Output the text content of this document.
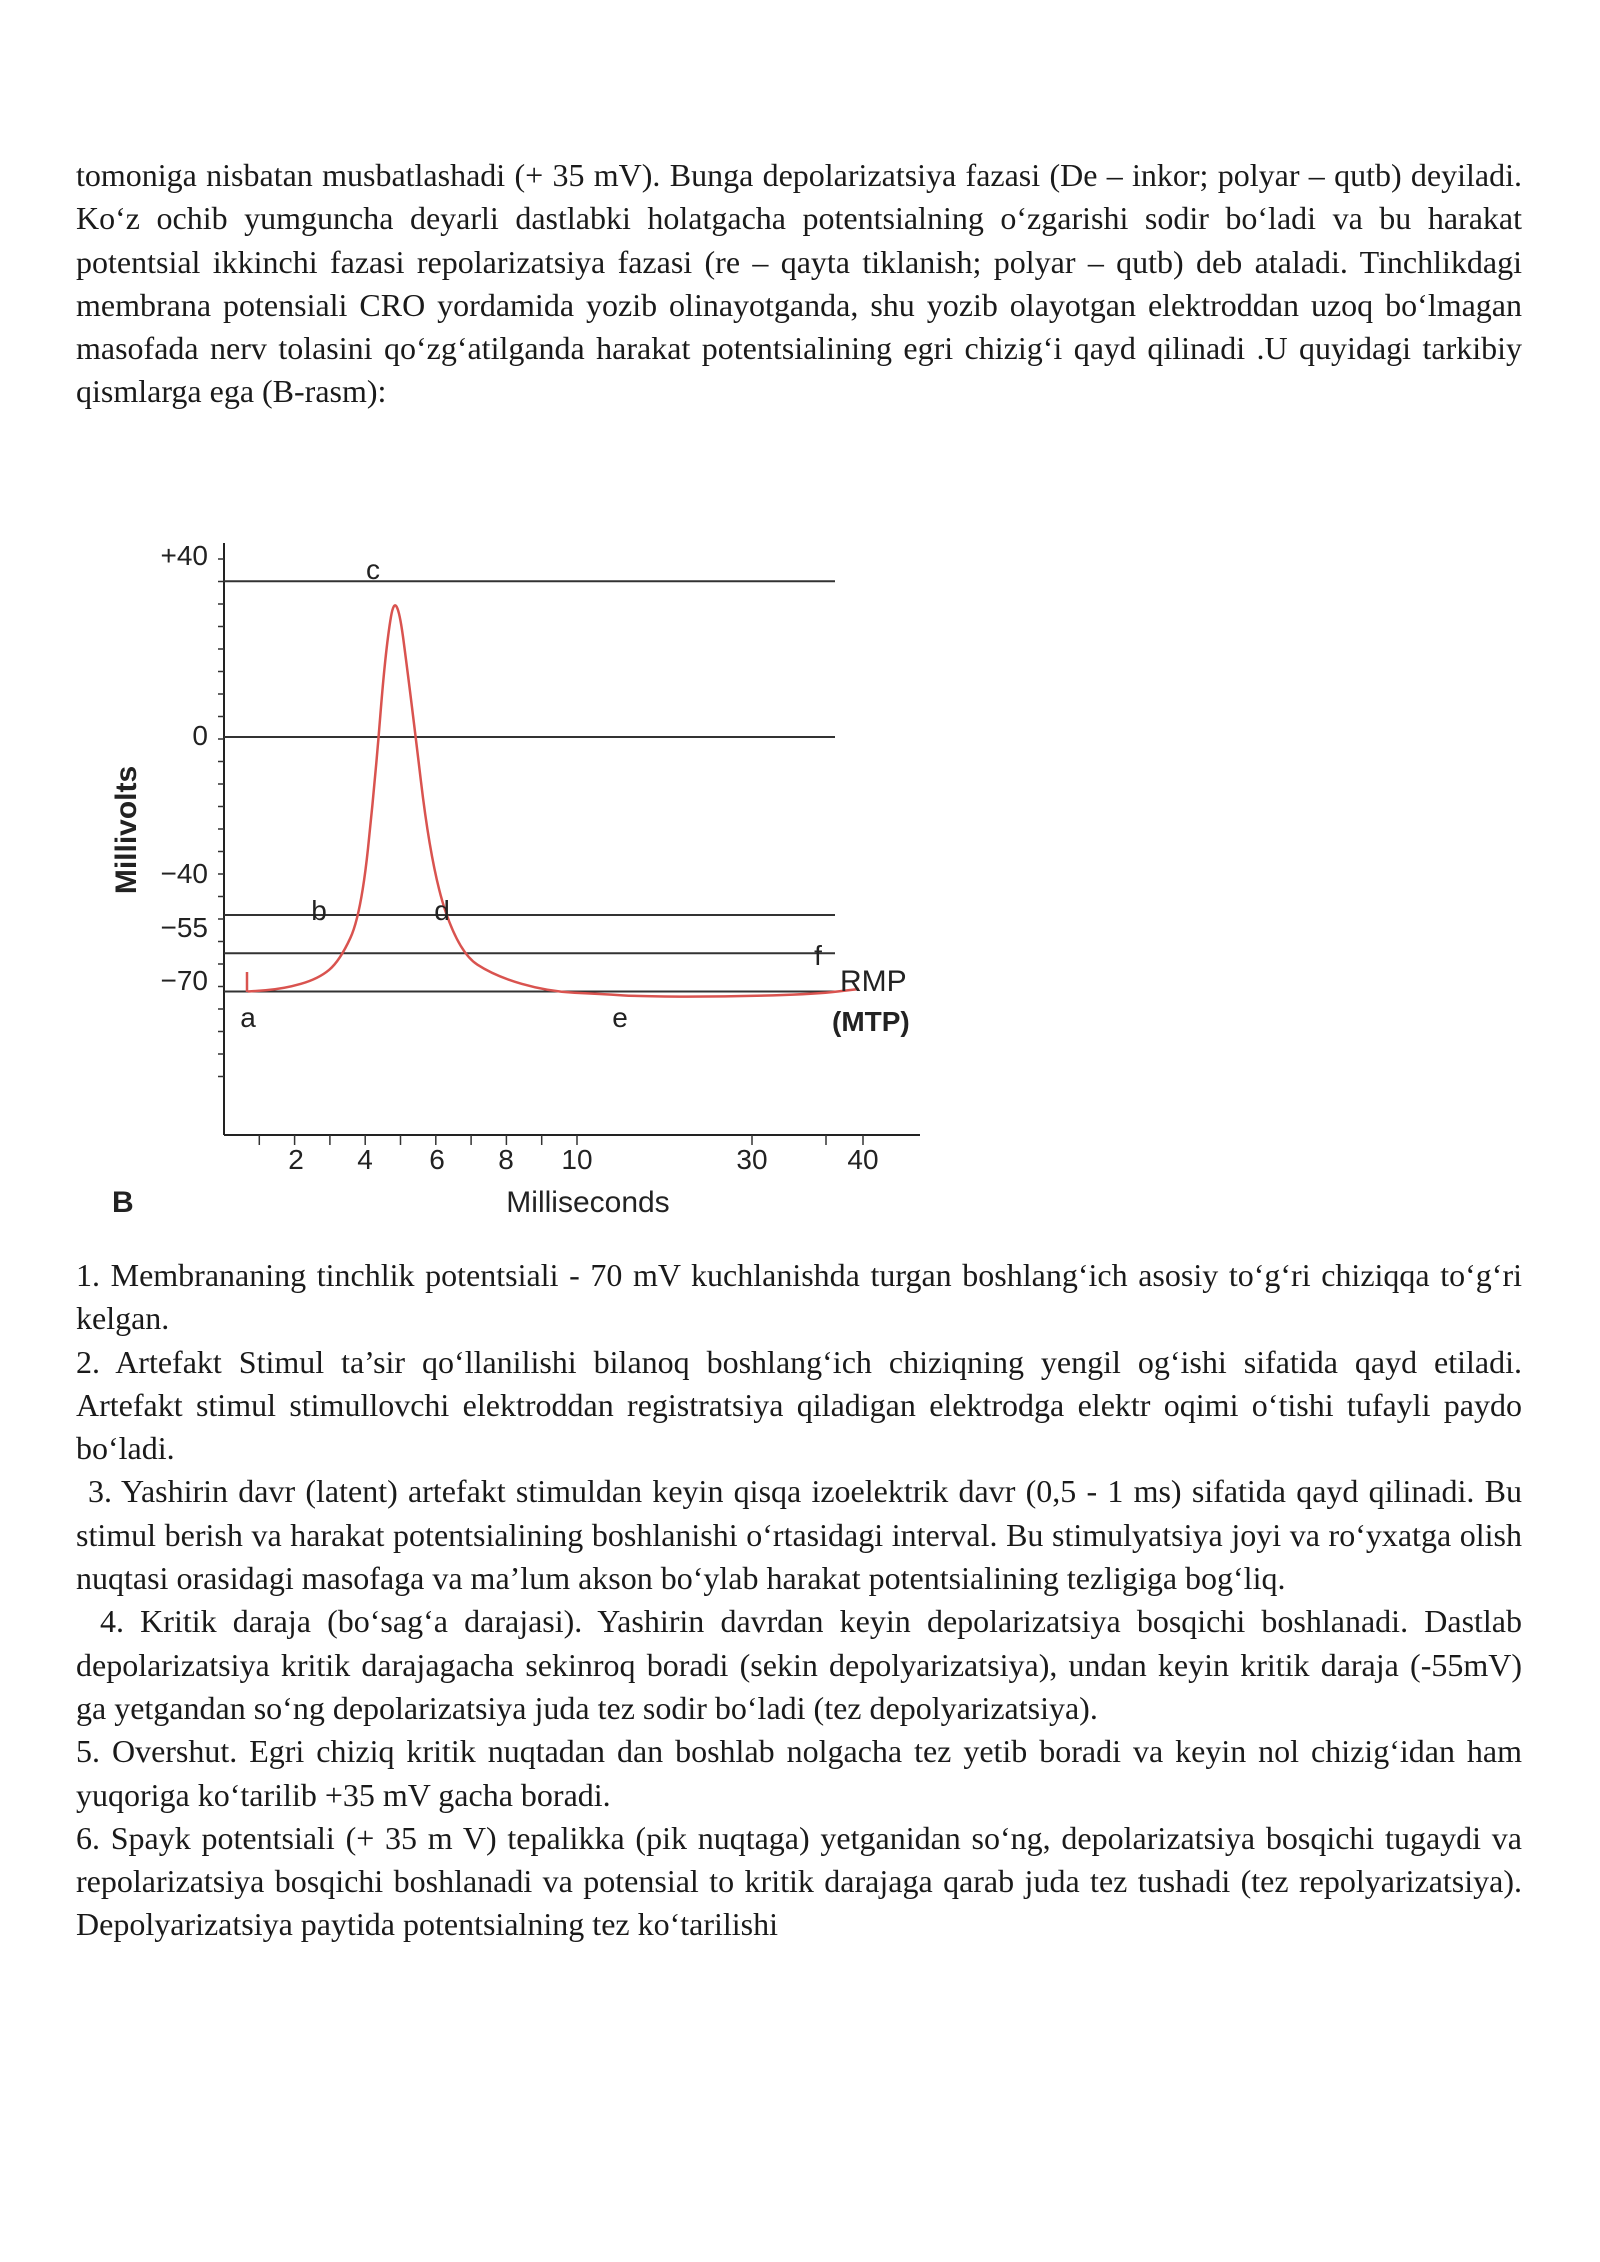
tomoniga nisbatan musbatlashadi (+ 35 mV). Bunga depolarizatsiya fazasi (De – inkor; polyar – qutb) deyiladi. Ko‘z ochib yumguncha deyarli dastlabki holatgacha potentsialning o‘zgarishi sodir bo‘ladi va bu harakat potentsial ikkinchi fazasi repolarizatsiya fazasi (re – qayta tiklanish; polyar – qutb) deb ataladi. Tinchlikdagi membrana potensiali CRO yordamida yozib olinayotganda, shu yozib olayotgan elektroddan uzoq bo‘lmagan masofada nerv tolasini qo‘zg‘atilganda harakat potentsialining egri chizig‘i qayd qilinadi .U quyidagi tarkibiy qismlarga ega (B-rasm):

+40
0
−40
−55
−70
2 4 6 8 10	30	40
a
b
c
d
e
f
RMP
(MTP)
Millivolts
Milliseconds
B

1. Membrananing tinchlik potentsiali - 70 mV kuchlanishda turgan boshlang‘ich asosiy to‘g‘ri chiziqqa to‘g‘ri kelgan.

2. Artefakt Stimul ta’sir qo‘llanilishi bilanoq boshlang‘ich chiziqning yengil og‘ishi sifatida qayd etiladi. Artefakt stimul stimullovchi elektroddan registratsiya qiladigan elektrodga elektr oqimi o‘tishi tufayli paydo bo‘ladi.

3. Yashirin davr (latent) artefakt stimuldan keyin qisqa izoelektrik davr (0,5 - 1 ms) sifatida qayd qilinadi. Bu stimul berish va harakat potentsialining boshlanishi o‘rtasidagi interval. Bu stimulyatsiya joyi va ro‘yxatga olish nuqtasi orasidagi masofaga va ma’lum akson bo‘ylab harakat potentsialining tezligiga bog‘liq.

4. Kritik daraja (bo‘sag‘a darajasi). Yashirin davrdan keyin depolarizatsiya bosqichi boshlanadi. Dastlab depolarizatsiya kritik darajagacha sekinroq boradi (sekin depolyarizatsiya), undan keyin kritik daraja (-55mV) ga yetgandan so‘ng depolarizatsiya juda tez sodir bo‘ladi (tez depolyarizatsiya).

5. Overshut. Egri chiziq kritik nuqtadan dan boshlab nolgacha tez yetib boradi va keyin nol chizig‘idan ham yuqoriga ko‘tarilib +35 mV gacha boradi.

6. Spayk potentsiali (+ 35 m V) tepalikka (pik nuqtaga) yetganidan so‘ng, depolarizatsiya bosqichi tugaydi va repolarizatsiya bosqichi boshlanadi va potensial to kritik darajaga qarab juda tez tushadi (tez repolyarizatsiya). Depolyarizatsiya paytida potentsialning tez ko‘tarilishi
